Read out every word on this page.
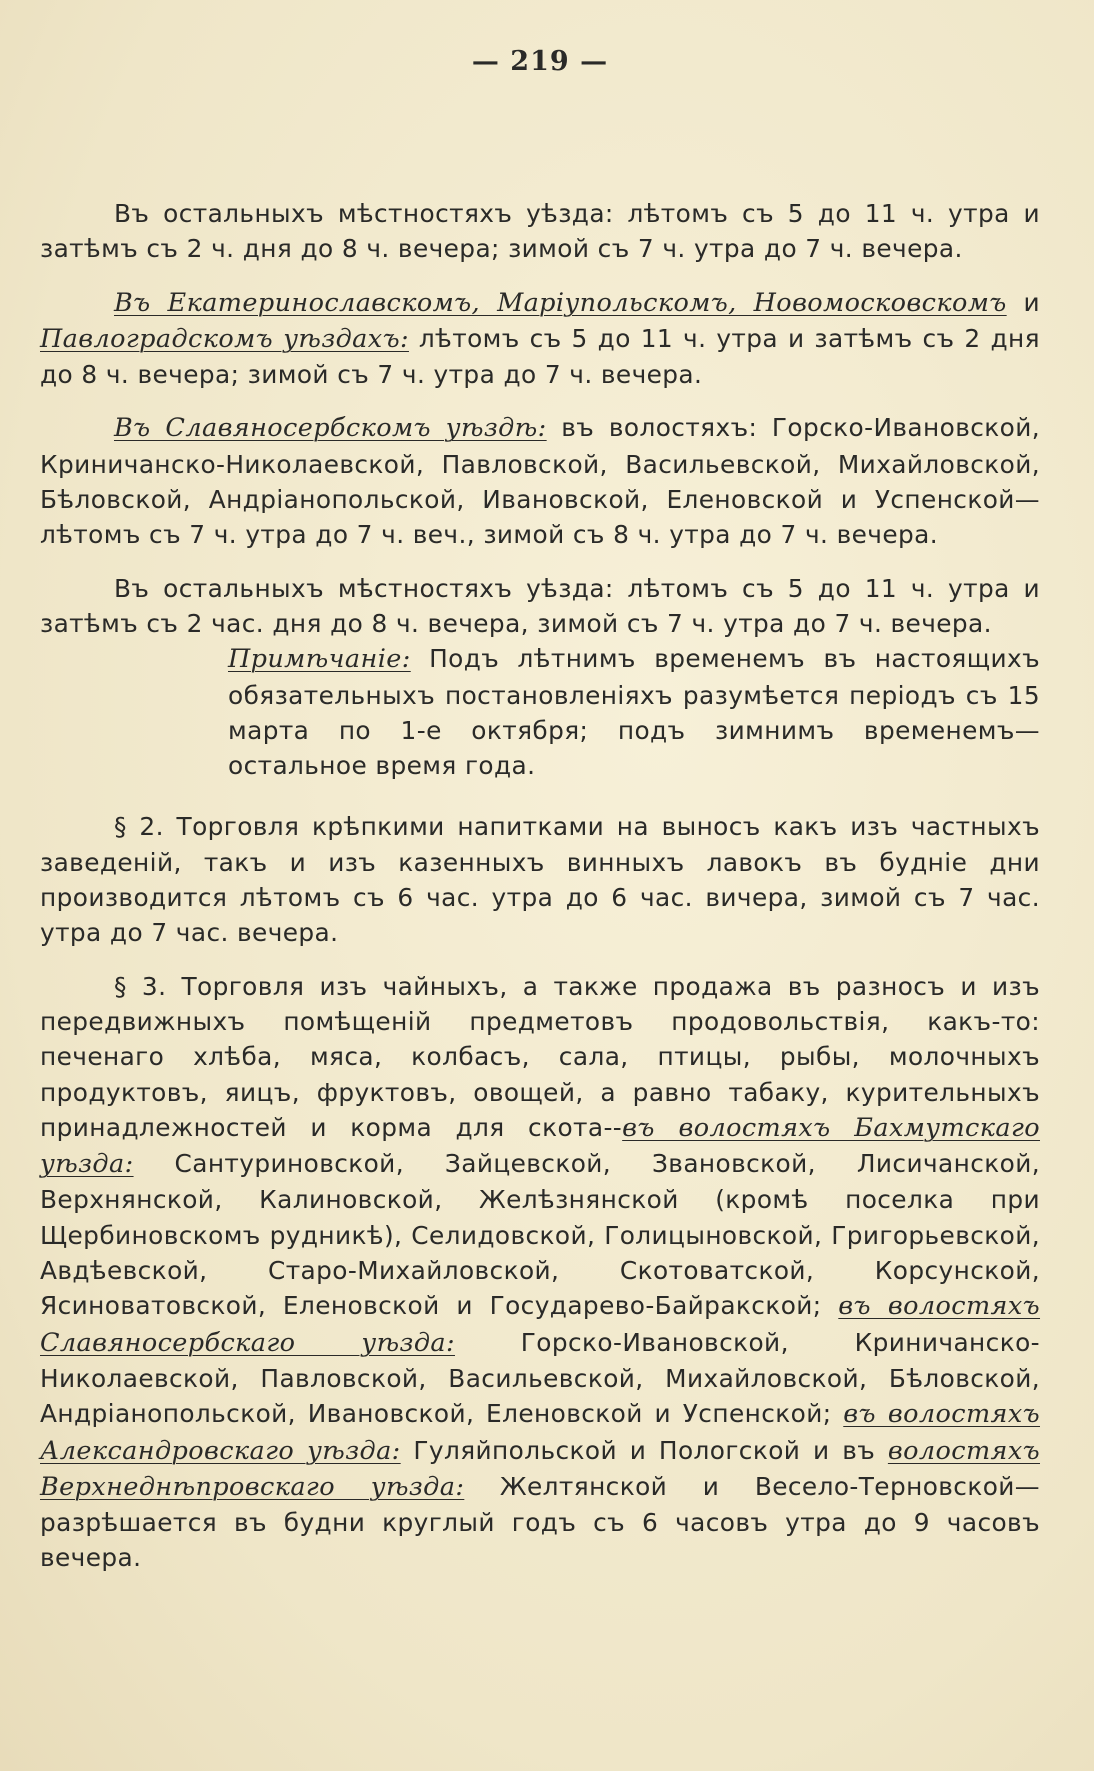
— 219 —

Въ остальныхъ мѣстностяхъ уѣзда: лѣтомъ съ 5 до 11 ч. утра и затѣмъ съ 2 ч. дня до 8 ч. вечера; зимой съ 7 ч. утра до 7 ч. вечера.

Въ Екатеринославскомъ, Маріупольскомъ, Новомосковскомъ и Павлоградскомъ уѣздахъ: лѣтомъ съ 5 до 11 ч. утра и затѣмъ съ 2 дня до 8 ч. вечера; зимой съ 7 ч. утра до 7 ч. вечера.

Въ Славяносербскомъ уѣздѣ: въ волостяхъ: Горско-Ивановской, Криничанско-Николаевской, Павловской, Васильевской, Михайловской, Бѣловской, Андріанопольской, Ивановской, Еленовской и Успенской—лѣтомъ съ 7 ч. утра до 7 ч. веч., зимой съ 8 ч. утра до 7 ч. вечера.

Въ остальныхъ мѣстностяхъ уѣзда: лѣтомъ съ 5 до 11 ч. утра и затѣмъ съ 2 час. дня до 8 ч. вечера, зимой съ 7 ч. утра до 7 ч. вечера.

Примѣчаніе: Подъ лѣтнимъ временемъ въ настоящихъ обязательныхъ постановленіяхъ разумѣется періодъ съ 15 марта по 1-е октября; подъ зимнимъ временемъ—остальное время года.

§ 2. Торговля крѣпкими напитками на выносъ какъ изъ частныхъ заведеній, такъ и изъ казенныхъ винныхъ лавокъ въ будніе дни производится лѣтомъ съ 6 час. утра до 6 час. вичера, зимой съ 7 час. утра до 7 час. вечера.

§ 3. Торговля изъ чайныхъ, а также продажа въ разносъ и изъ передвижныхъ помѣщеній предметовъ продовольствія, какъ-то: печенаго хлѣба, мяса, колбасъ, сала, птицы, рыбы, молочныхъ продуктовъ, яицъ, фруктовъ, овощей, а равно табаку, курительныхъ принадлежностей и корма для скота--въ волостяхъ Бахмутскаго уѣзда: Сантуриновской, Зайцевской, Звановской, Лисичанской, Верхнянской, Калиновской, Желѣзнянской (кромѣ поселка при Щербиновскомъ рудникѣ), Селидовской, Голицыновской, Григорьевской, Авдѣевской, Старо-Михайловской, Скотоватской, Корсунской, Ясиноватовской, Еленовской и Государево-Байракской; въ волостяхъ Славяносербскаго уѣзда: Горско-Ивановской, Криничанско-Николаевской, Павловской, Васильевской, Михайловской, Бѣловской, Андріанопольской, Ивановской, Еленовской и Успенской; въ волостяхъ Александровскаго уѣзда: Гуляйпольской и Пологской и въ волостяхъ Верхнеднѣпровскаго уѣзда: Желтянской и Весело-Терновской—разрѣшается въ будни круглый годъ съ 6 часовъ утра до 9 часовъ вечера.
